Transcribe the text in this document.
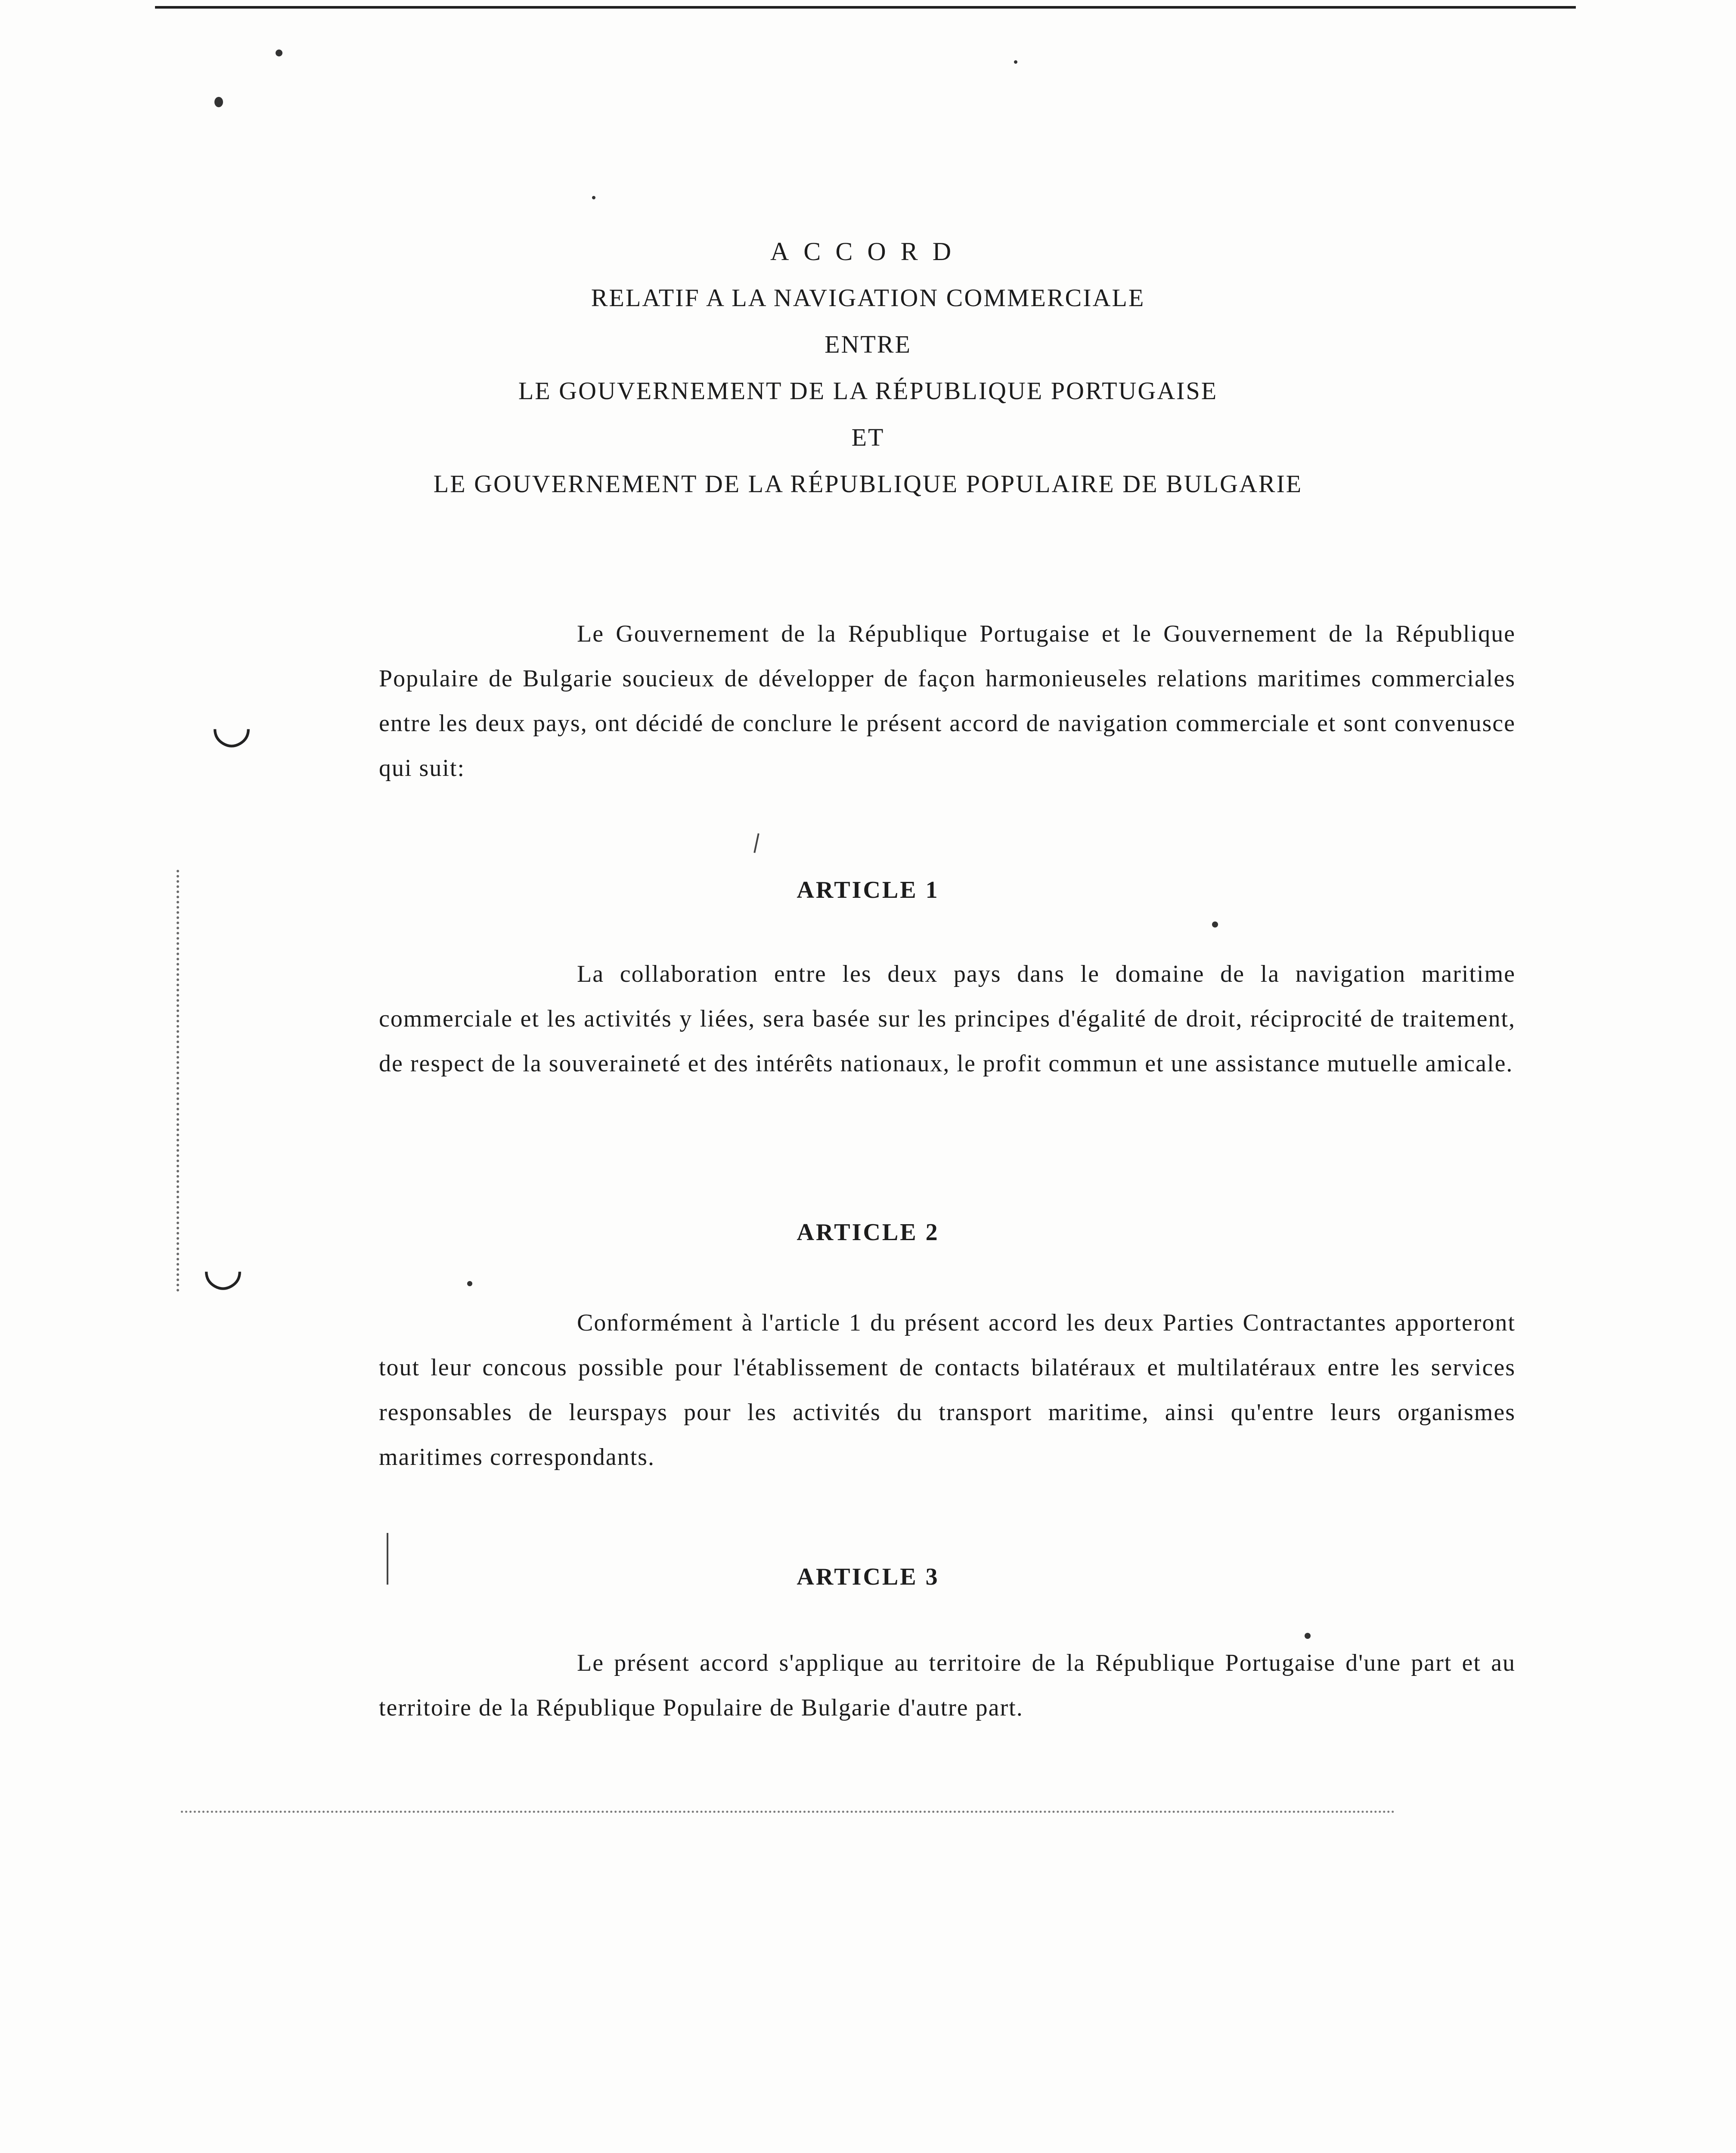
ACCORD
RELATIF A LA NAVIGATION COMMERCIALE
ENTRE
LE GOUVERNEMENT DE LA RÉPUBLIQUE PORTUGAISE
ET
LE GOUVERNEMENT DE LA RÉPUBLIQUE POPULAIRE DE BULGARIE

Le Gouvernement de la République Portugaise et le Gouvernement de la République Populaire de Bulgarie soucieux de développer de façon harmonieuseles relations maritimes commerciales entre les deux pays, ont décidé de conclure le présent accord de navigation commerciale et sont convenusce qui suit:

ARTICLE 1

La collaboration entre les deux pays dans le domaine de la navigation maritime commerciale et les activités y liées, sera basée sur les principes d'égalité de droit, réciprocité de traitement, de respect de la souveraineté et des intérêts nationaux, le profit commun et une assistance mutuelle amicale.

ARTICLE 2

Conformément à l'article 1 du présent accord les deux Parties Contractantes apporteront tout leur concous possible pour l'établissement de contacts bilatéraux et multilatéraux entre les services responsables de leurspays pour les activités du transport maritime, ainsi qu'entre leurs organismes maritimes correspondants.

ARTICLE 3

Le présent accord s'applique au territoire de la République Portugaise d'une part et au territoire de la République Populaire de Bulgarie d'autre part.

◡
◡
